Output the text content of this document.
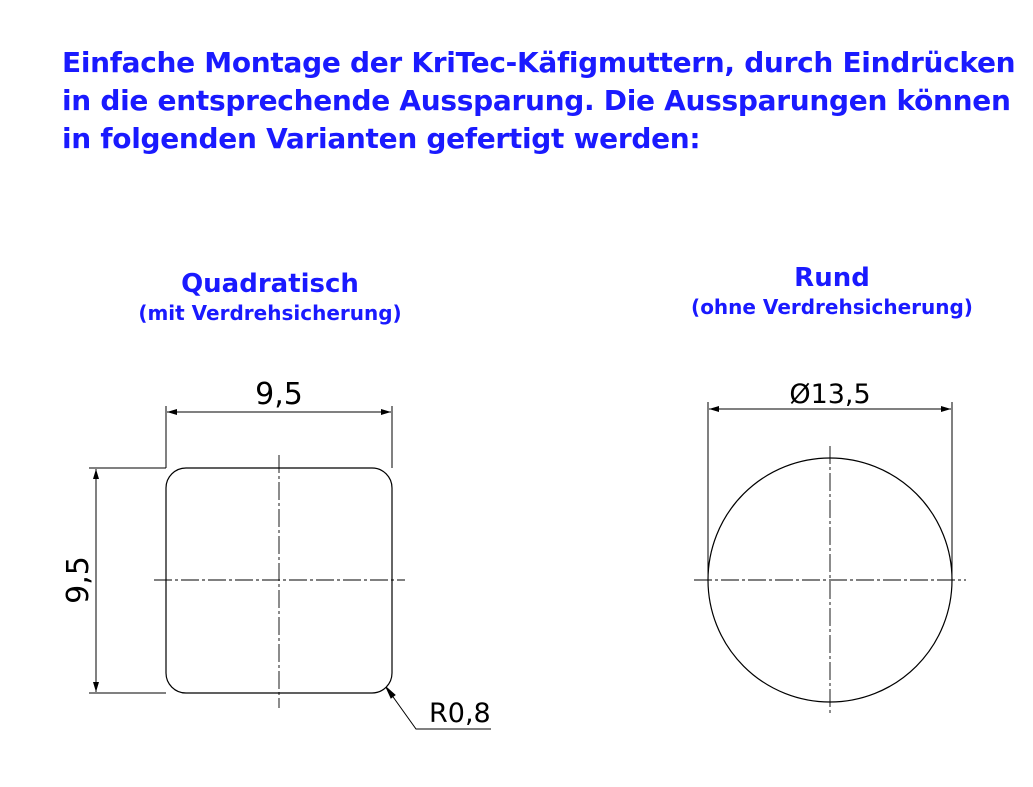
Einfache Montage der KriTec-Käfigmuttern, durch Eindrücken
in die entsprechende Aussparung. Die Aussparungen können
in folgenden Varianten gefertigt werden:
Quadratisch
(mit Verdrehsicherung)
Rund
(ohne Verdrehsicherung)
9,5
9,5
R0,8
Ø13,5
